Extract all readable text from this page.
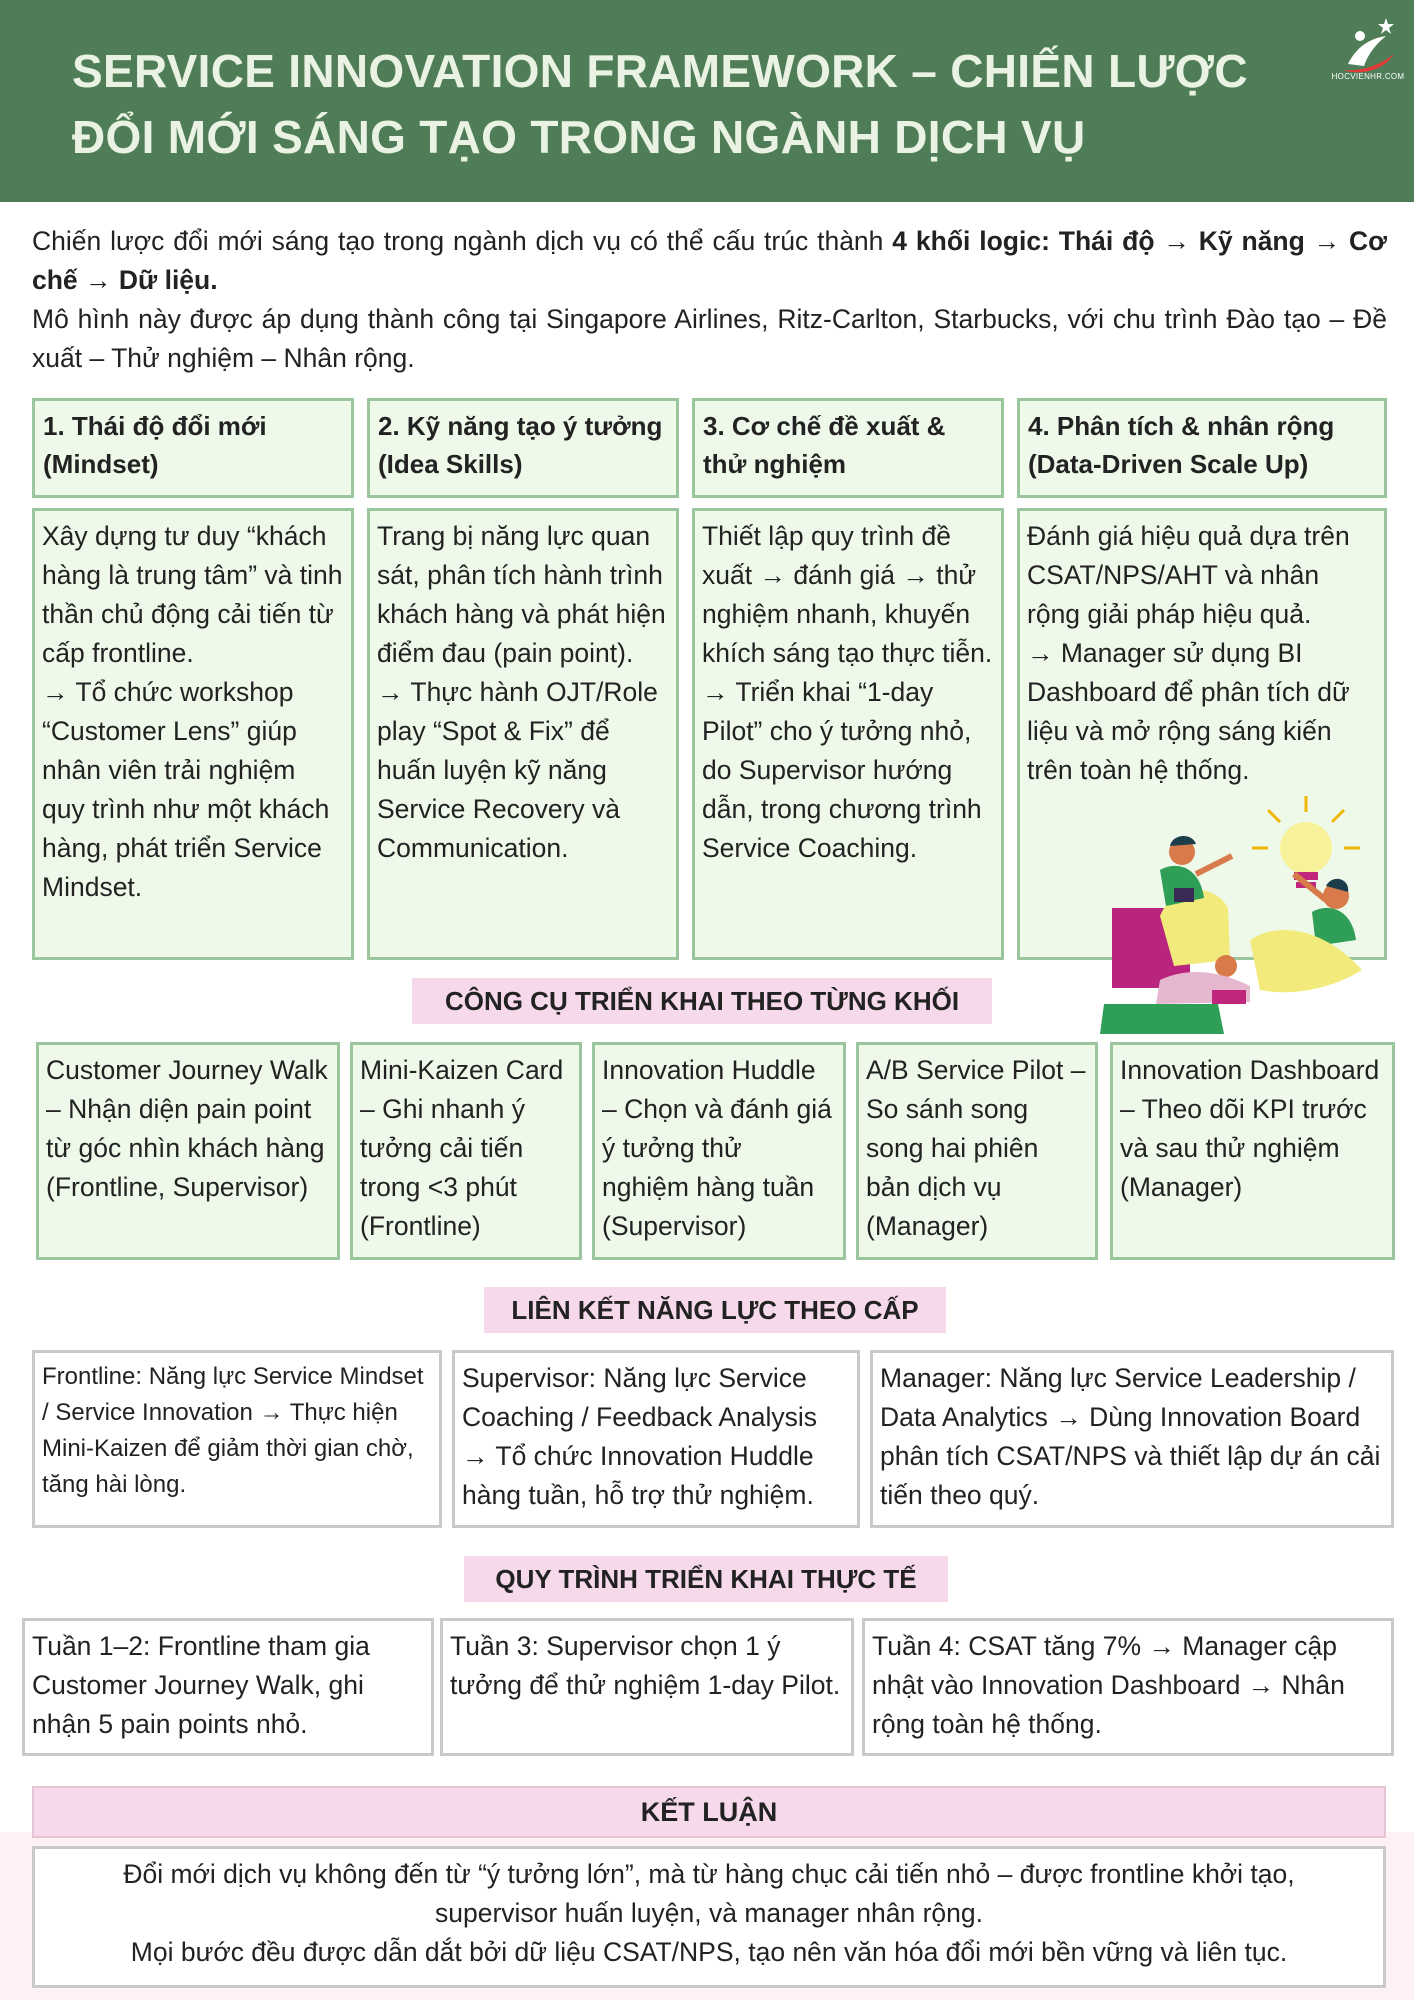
SERVICE INNOVATION FRAMEWORK – CHIẾN LƯỢC
ĐỔI MỚI SÁNG TẠO TRONG NGÀNH DỊCH VỤ
HOCVIENHR.COM

Chiến lược đổi mới sáng tạo trong ngành dịch vụ có thể cấu trúc thành 4 khối logic: Thái độ → Kỹ năng → Cơ chế → Dữ liệu.

Mô hình này được áp dụng thành công tại Singapore Airlines, Ritz-Carlton, Starbucks, với chu trình Đào tạo – Đề xuất – Thử nghiệm – Nhân rộng.

1. Thái độ đổi mới (Mindset)
2. Kỹ năng tạo ý tưởng (Idea Skills)
3. Cơ chế đề xuất & thử nghiệm
4. Phân tích & nhân rộng (Data-Driven Scale Up)
Xây dựng tư duy “khách hàng là trung tâm” và tinh thần chủ động cải tiến từ cấp frontline.
→ Tổ chức workshop “Customer Lens” giúp nhân viên trải nghiệm quy trình như một khách hàng, phát triển Service Mindset.
Trang bị năng lực quan sát, phân tích hành trình khách hàng và phát hiện điểm đau (pain point).
→ Thực hành OJT/Role play “Spot & Fix” để huấn luyện kỹ năng Service Recovery và Communication.
Thiết lập quy trình đề xuất → đánh giá → thử nghiệm nhanh, khuyến khích sáng tạo thực tiễn.
→ Triển khai “1-day Pilot” cho ý tưởng nhỏ, do Supervisor hướng dẫn, trong chương trình Service Coaching.
Đánh giá hiệu quả dựa trên CSAT/NPS/AHT và nhân rộng giải pháp hiệu quả.
→ Manager sử dụng BI Dashboard để phân tích dữ liệu và mở rộng sáng kiến trên toàn hệ thống.
CÔNG CỤ TRIỂN KHAI THEO TỪNG KHỐI
Customer Journey Walk – Nhận diện pain point từ góc nhìn khách hàng (Frontline, Supervisor)
Mini-Kaizen Card – Ghi nhanh ý tưởng cải tiến trong <3 phút (Frontline)
Innovation Huddle – Chọn và đánh giá ý tưởng thử nghiệm hàng tuần (Supervisor)
A/B Service Pilot – So sánh song song hai phiên bản dịch vụ (Manager)
Innovation Dashboard – Theo dõi KPI trước và sau thử nghiệm (Manager)
LIÊN KẾT NĂNG LỰC THEO CẤP
Frontline: Năng lực Service Mindset / Service Innovation → Thực hiện Mini-Kaizen để giảm thời gian chờ, tăng hài lòng.
Supervisor: Năng lực Service Coaching / Feedback Analysis → Tổ chức Innovation Huddle hàng tuần, hỗ trợ thử nghiệm.
Manager: Năng lực Service Leadership / Data Analytics → Dùng Innovation Board phân tích CSAT/NPS và thiết lập dự án cải tiến theo quý.
QUY TRÌNH TRIỂN KHAI THỰC TẾ
Tuần 1–2: Frontline tham gia Customer Journey Walk, ghi nhận 5 pain points nhỏ.
Tuần 3: Supervisor chọn 1 ý tưởng để thử nghiệm 1-day Pilot.
Tuần 4: CSAT tăng 7% → Manager cập nhật vào Innovation Dashboard → Nhân rộng toàn hệ thống.
KẾT LUẬN
Đổi mới dịch vụ không đến từ “ý tưởng lớn”, mà từ hàng chục cải tiến nhỏ – được frontline khởi tạo,
supervisor huấn luyện, và manager nhân rộng.
Mọi bước đều được dẫn dắt bởi dữ liệu CSAT/NPS, tạo nên văn hóa đổi mới bền vững và liên tục.
